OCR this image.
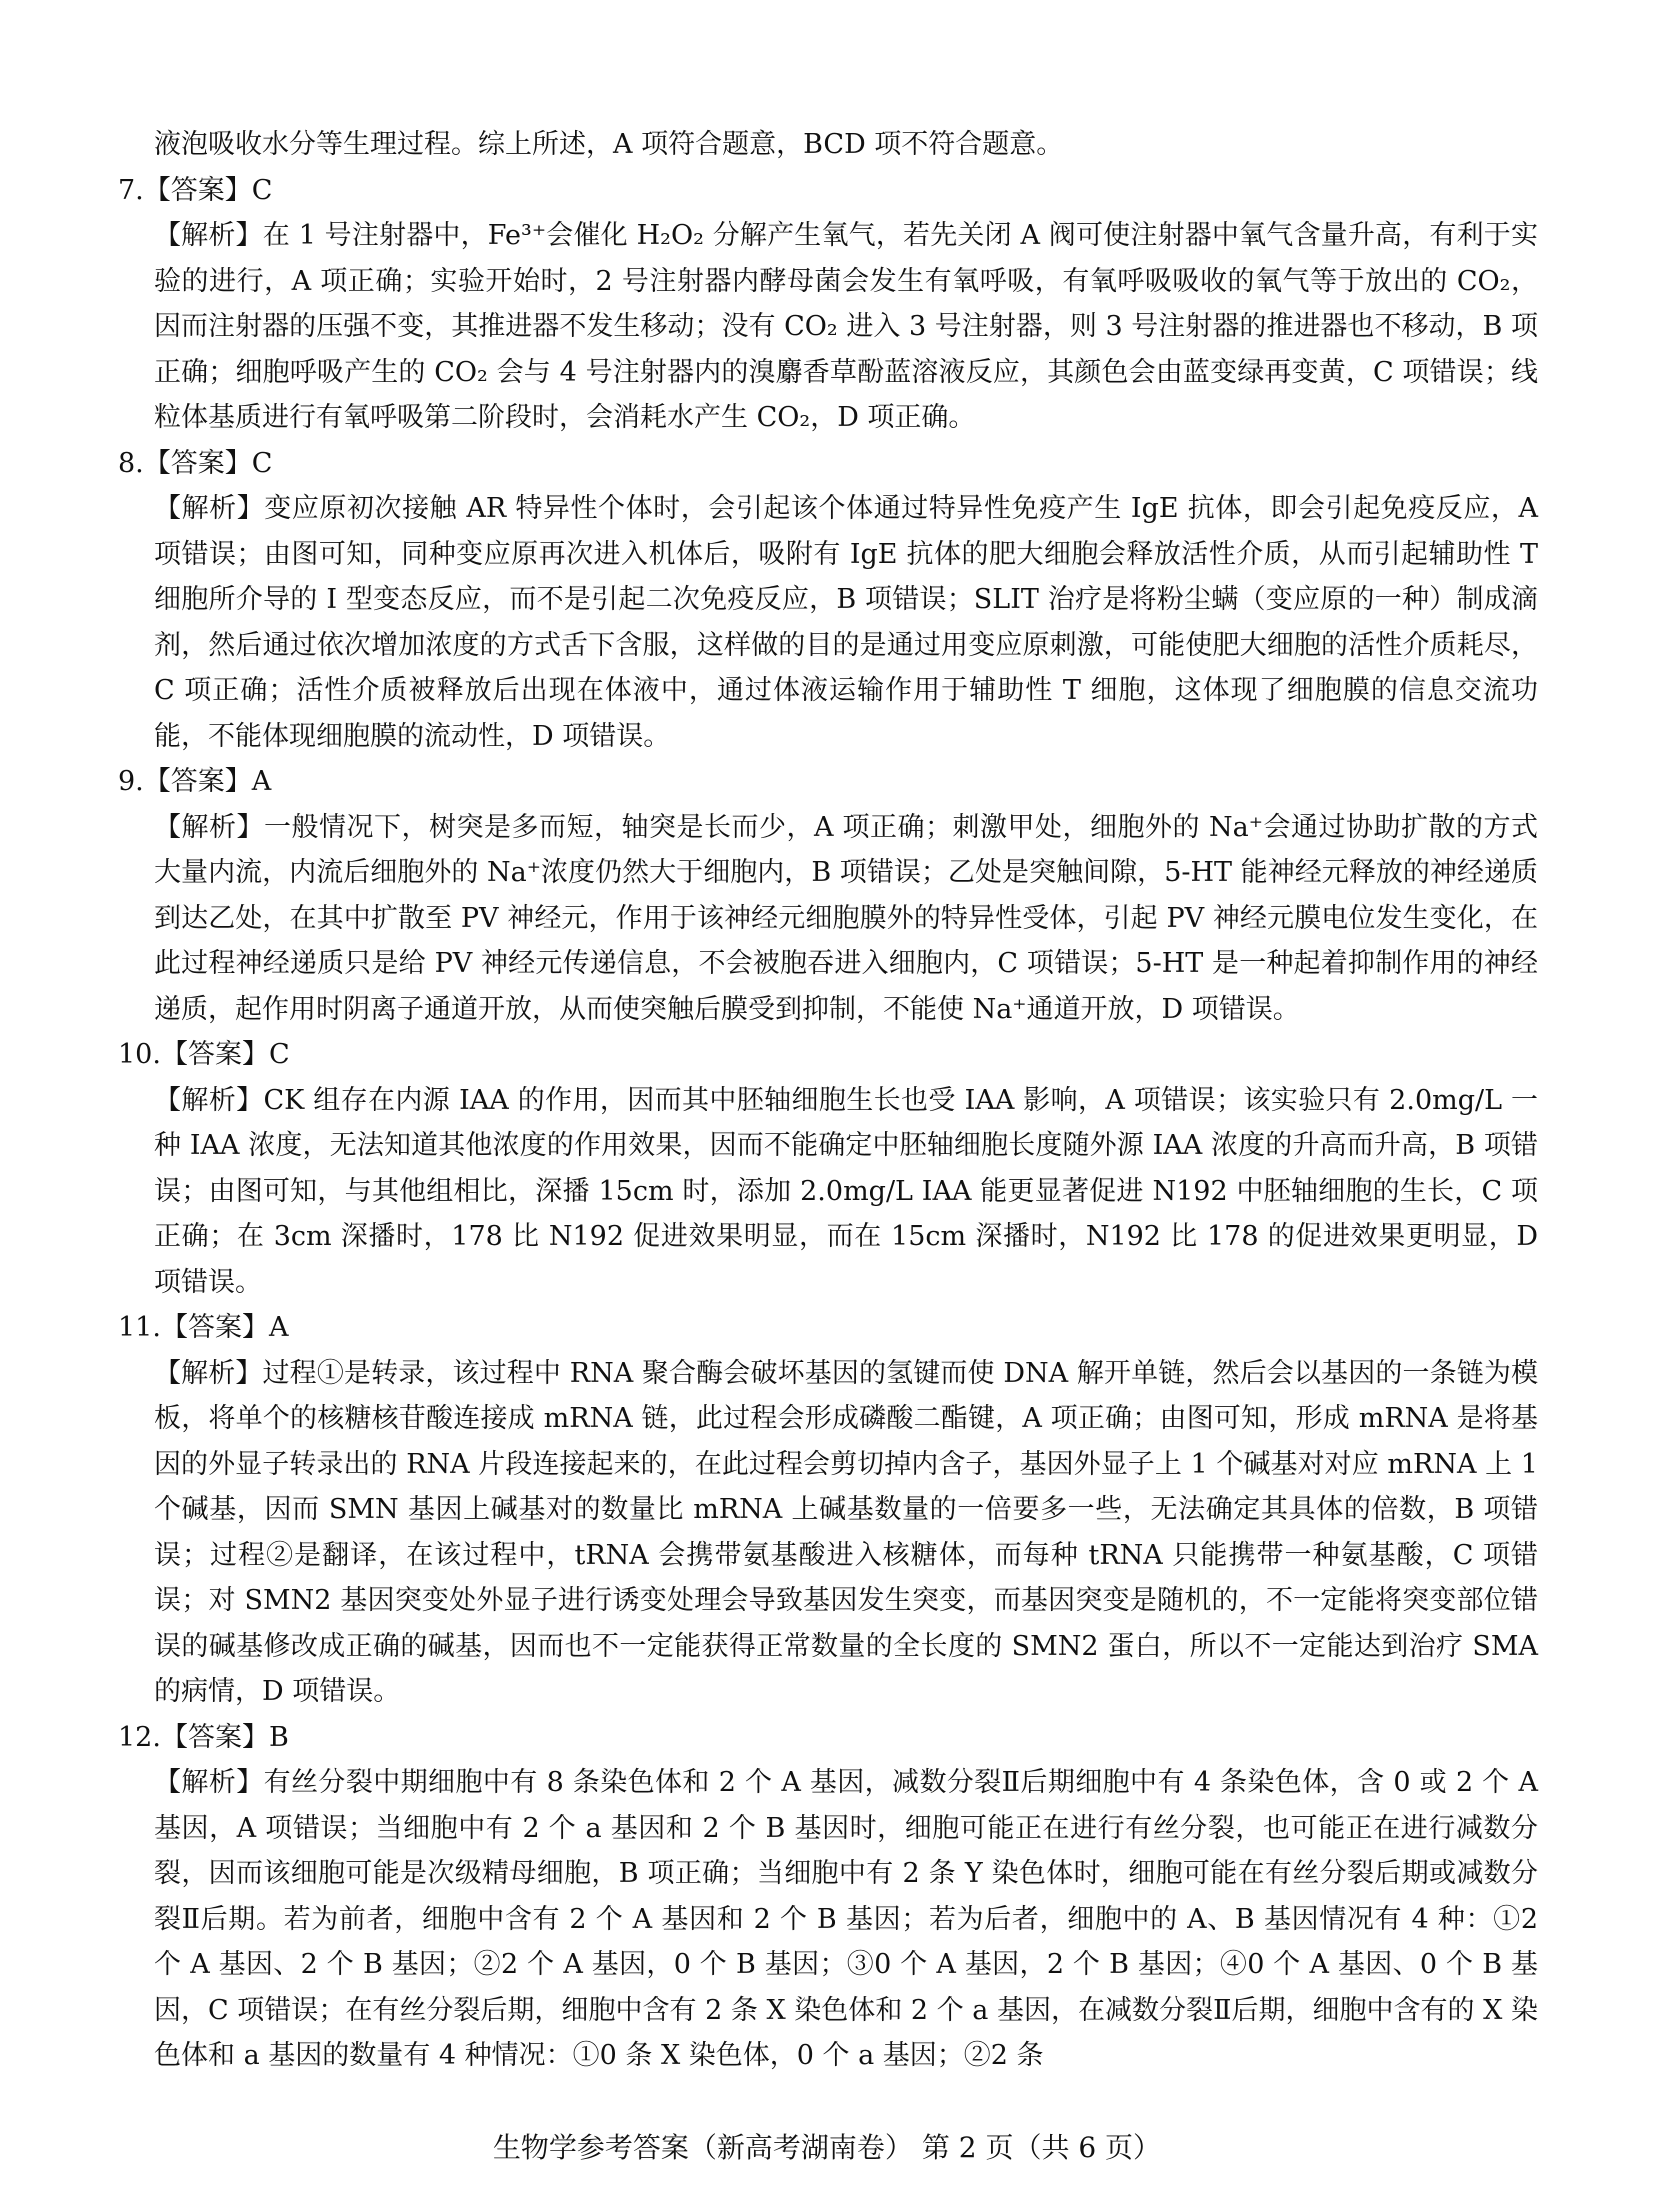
液泡吸收水分等生理过程。综上所述，A 项符合题意，BCD 项不符合题意。

7.【答案】C

【解析】在 1 号注射器中，Fe³⁺会催化 H₂O₂ 分解产生氧气，若先关闭 A 阀可使注射器中氧气含量升高，有利于实验的进行，A 项正确；实验开始时，2 号注射器内酵母菌会发生有氧呼吸，有氧呼吸吸收的氧气等于放出的 CO₂，因而注射器的压强不变，其推进器不发生移动；没有 CO₂ 进入 3 号注射器，则 3 号注射器的推进器也不移动，B 项正确；细胞呼吸产生的 CO₂ 会与 4 号注射器内的溴麝香草酚蓝溶液反应，其颜色会由蓝变绿再变黄，C 项错误；线粒体基质进行有氧呼吸第二阶段时，会消耗水产生 CO₂，D 项正确。

8.【答案】C

【解析】变应原初次接触 AR 特异性个体时，会引起该个体通过特异性免疫产生 IgE 抗体，即会引起免疫反应，A 项错误；由图可知，同种变应原再次进入机体后，吸附有 IgE 抗体的肥大细胞会释放活性介质，从而引起辅助性 T 细胞所介导的 I 型变态反应，而不是引起二次免疫反应，B 项错误；SLIT 治疗是将粉尘螨（变应原的一种）制成滴剂，然后通过依次增加浓度的方式舌下含服，这样做的目的是通过用变应原刺激，可能使肥大细胞的活性介质耗尽，C 项正确；活性介质被释放后出现在体液中，通过体液运输作用于辅助性 T 细胞，这体现了细胞膜的信息交流功能，不能体现细胞膜的流动性，D 项错误。

9.【答案】A

【解析】一般情况下，树突是多而短，轴突是长而少，A 项正确；刺激甲处，细胞外的 Na⁺会通过协助扩散的方式大量内流，内流后细胞外的 Na⁺浓度仍然大于细胞内，B 项错误；乙处是突触间隙，5-HT 能神经元释放的神经递质到达乙处，在其中扩散至 PV 神经元，作用于该神经元细胞膜外的特异性受体，引起 PV 神经元膜电位发生变化，在此过程神经递质只是给 PV 神经元传递信息，不会被胞吞进入细胞内，C 项错误；5-HT 是一种起着抑制作用的神经递质，起作用时阴离子通道开放，从而使突触后膜受到抑制，不能使 Na⁺通道开放，D 项错误。

10.【答案】C

【解析】CK 组存在内源 IAA 的作用，因而其中胚轴细胞生长也受 IAA 影响，A 项错误；该实验只有 2.0mg/L 一种 IAA 浓度，无法知道其他浓度的作用效果，因而不能确定中胚轴细胞长度随外源 IAA 浓度的升高而升高，B 项错误；由图可知，与其他组相比，深播 15cm 时，添加 2.0mg/L IAA 能更显著促进 N192 中胚轴细胞的生长，C 项正确；在 3cm 深播时，178 比 N192 促进效果明显，而在 15cm 深播时，N192 比 178 的促进效果更明显，D 项错误。

11.【答案】A

【解析】过程①是转录，该过程中 RNA 聚合酶会破坏基因的氢键而使 DNA 解开单链，然后会以基因的一条链为模板，将单个的核糖核苷酸连接成 mRNA 链，此过程会形成磷酸二酯键，A 项正确；由图可知，形成 mRNA 是将基因的外显子转录出的 RNA 片段连接起来的，在此过程会剪切掉内含子，基因外显子上 1 个碱基对对应 mRNA 上 1 个碱基，因而 SMN 基因上碱基对的数量比 mRNA 上碱基数量的一倍要多一些，无法确定其具体的倍数，B 项错误；过程②是翻译，在该过程中，tRNA 会携带氨基酸进入核糖体，而每种 tRNA 只能携带一种氨基酸，C 项错误；对 SMN2 基因突变处外显子进行诱变处理会导致基因发生突变，而基因突变是随机的，不一定能将突变部位错误的碱基修改成正确的碱基，因而也不一定能获得正常数量的全长度的 SMN2 蛋白，所以不一定能达到治疗 SMA 的病情，D 项错误。

12.【答案】B

【解析】有丝分裂中期细胞中有 8 条染色体和 2 个 A 基因，减数分裂Ⅱ后期细胞中有 4 条染色体，含 0 或 2 个 A 基因，A 项错误；当细胞中有 2 个 a 基因和 2 个 B 基因时，细胞可能正在进行有丝分裂，也可能正在进行减数分裂，因而该细胞可能是次级精母细胞，B 项正确；当细胞中有 2 条 Y 染色体时，细胞可能在有丝分裂后期或减数分裂Ⅱ后期。若为前者，细胞中含有 2 个 A 基因和 2 个 B 基因；若为后者，细胞中的 A、B 基因情况有 4 种：①2 个 A 基因、2 个 B 基因；②2 个 A 基因，0 个 B 基因；③0 个 A 基因，2 个 B 基因；④0 个 A 基因、0 个 B 基因，C 项错误；在有丝分裂后期，细胞中含有 2 条 X 染色体和 2 个 a 基因，在减数分裂Ⅱ后期，细胞中含有的 X 染色体和 a 基因的数量有 4 种情况：①0 条 X 染色体，0 个 a 基因；②2 条

生物学参考答案（新高考湖南卷） 第 2 页（共 6 页）
